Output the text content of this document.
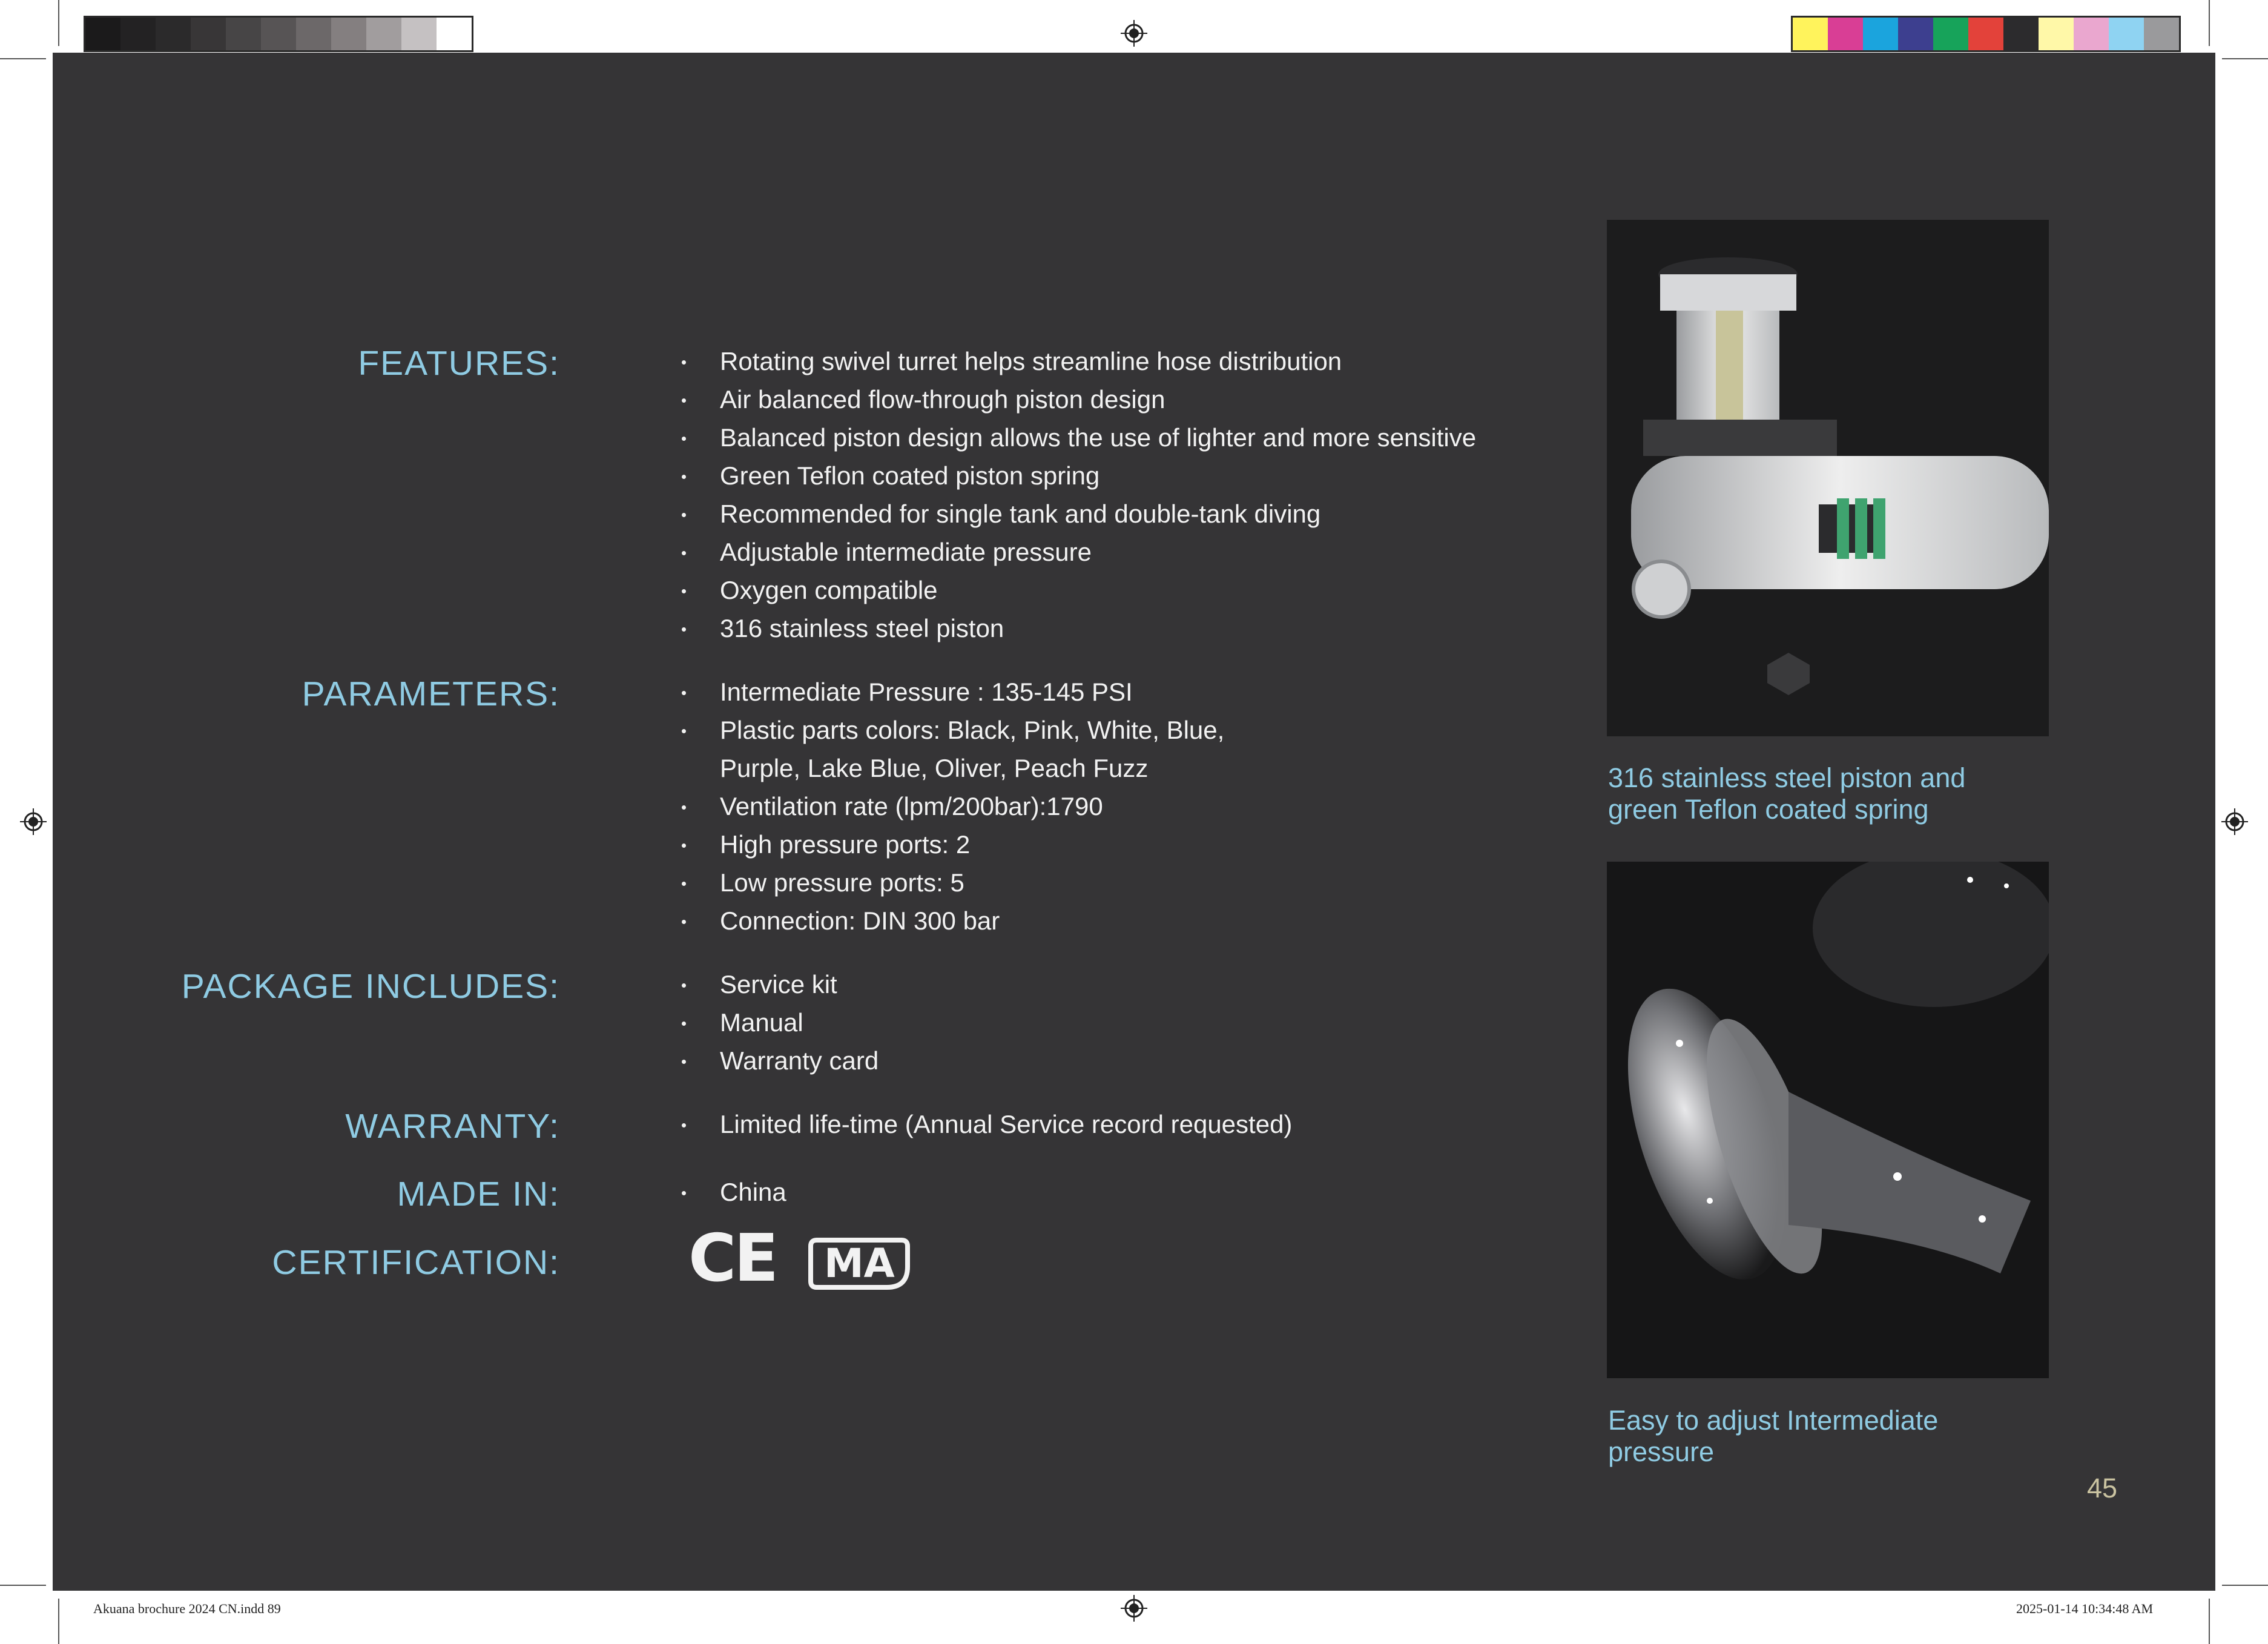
FEATURES:	Rotating swivel turret helps streamline hose distribution
Air balanced flow-through piston design
Balanced piston design allows the use of lighter and more sensitive
Green Teflon coated piston spring
Recommended for single tank and double-tank diving
Adjustable intermediate pressure
Oxygen compatible
316 stainless steel piston
PARAMETERS:	Intermediate Pressure : 135-145 PSI
Plastic parts colors: Black, Pink, White, Blue,
Purple, Lake Blue, Oliver, Peach Fuzz
Ventilation rate (lpm/200bar):1790
High pressure ports: 2
Low pressure ports: 5
Connection: DIN 300 bar
PACKAGE INCLUDES:	Service kit
Manual
Warranty card
WARRANTY:	Limited life-time (Annual Service record requested)
MADE IN:	China
CERTIFICATION: CE MA
316 stainless steel piston and
green Teflon coated spring
Easy to adjust Intermediate
pressure
45
Akuana brochure 2024 CN.indd 89	2025-01-14 10:34:48 AM
